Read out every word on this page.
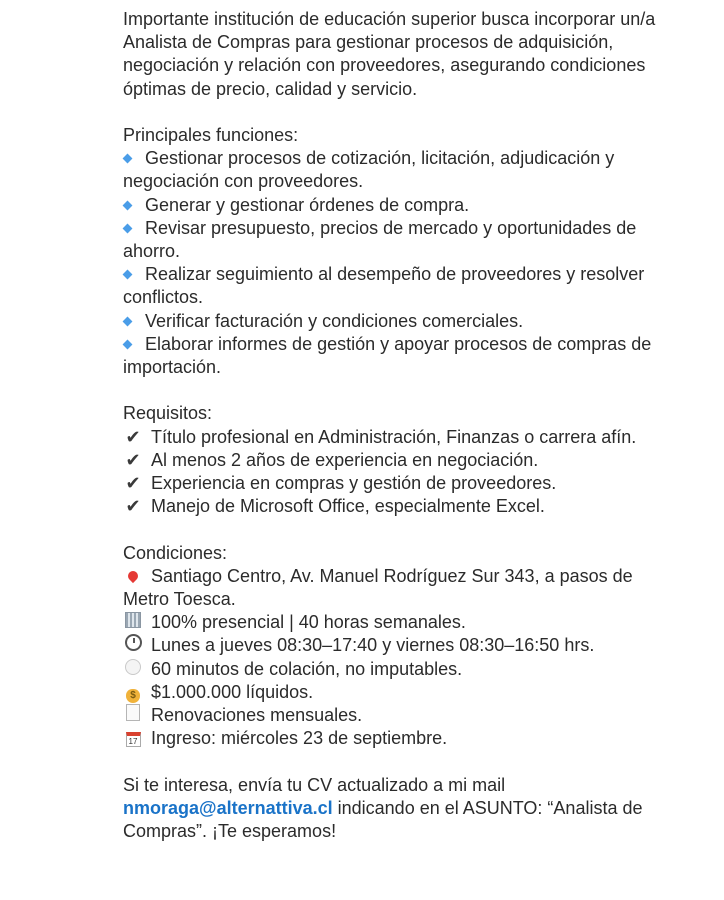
Importante institución de educación superior busca incorporar un/a Analista de Compras para gestionar procesos de adquisición, negociación y relación con proveedores, asegurando condiciones óptimas de precio, calidad y servicio.

Principales funciones:

Gestionar procesos de cotización, licitación, adjudicación y negociación con proveedores.
Generar y gestionar órdenes de compra.
Revisar presupuesto, precios de mercado y oportunidades de ahorro.
Realizar seguimiento al desempeño de proveedores y resolver conflictos.
Verificar facturación y condiciones comerciales.
Elaborar informes de gestión y apoyar procesos de compras de importación.

Requisitos:

✔ Título profesional en Administración, Finanzas o carrera afín.
✔ Al menos 2 años de experiencia en negociación.
✔ Experiencia en compras y gestión de proveedores.
✔ Manejo de Microsoft Office, especialmente Excel.

Condiciones:

Santiago Centro, Av. Manuel Rodríguez Sur 343, a pasos de Metro Toesca.
100% presencial | 40 horas semanales.
Lunes a jueves 08:30–17:40 y viernes 08:30–16:50 hrs.
60 minutos de colación, no imputables.
$ $1.000.000 líquidos.
Renovaciones mensuales.
17 Ingreso: miércoles 23 de septiembre.

Si te interesa, envía tu CV actualizado a mi mail
nmoraga@alternattiva.cl indicando en el ASUNTO: “Analista de Compras”. ¡Te esperamos!
